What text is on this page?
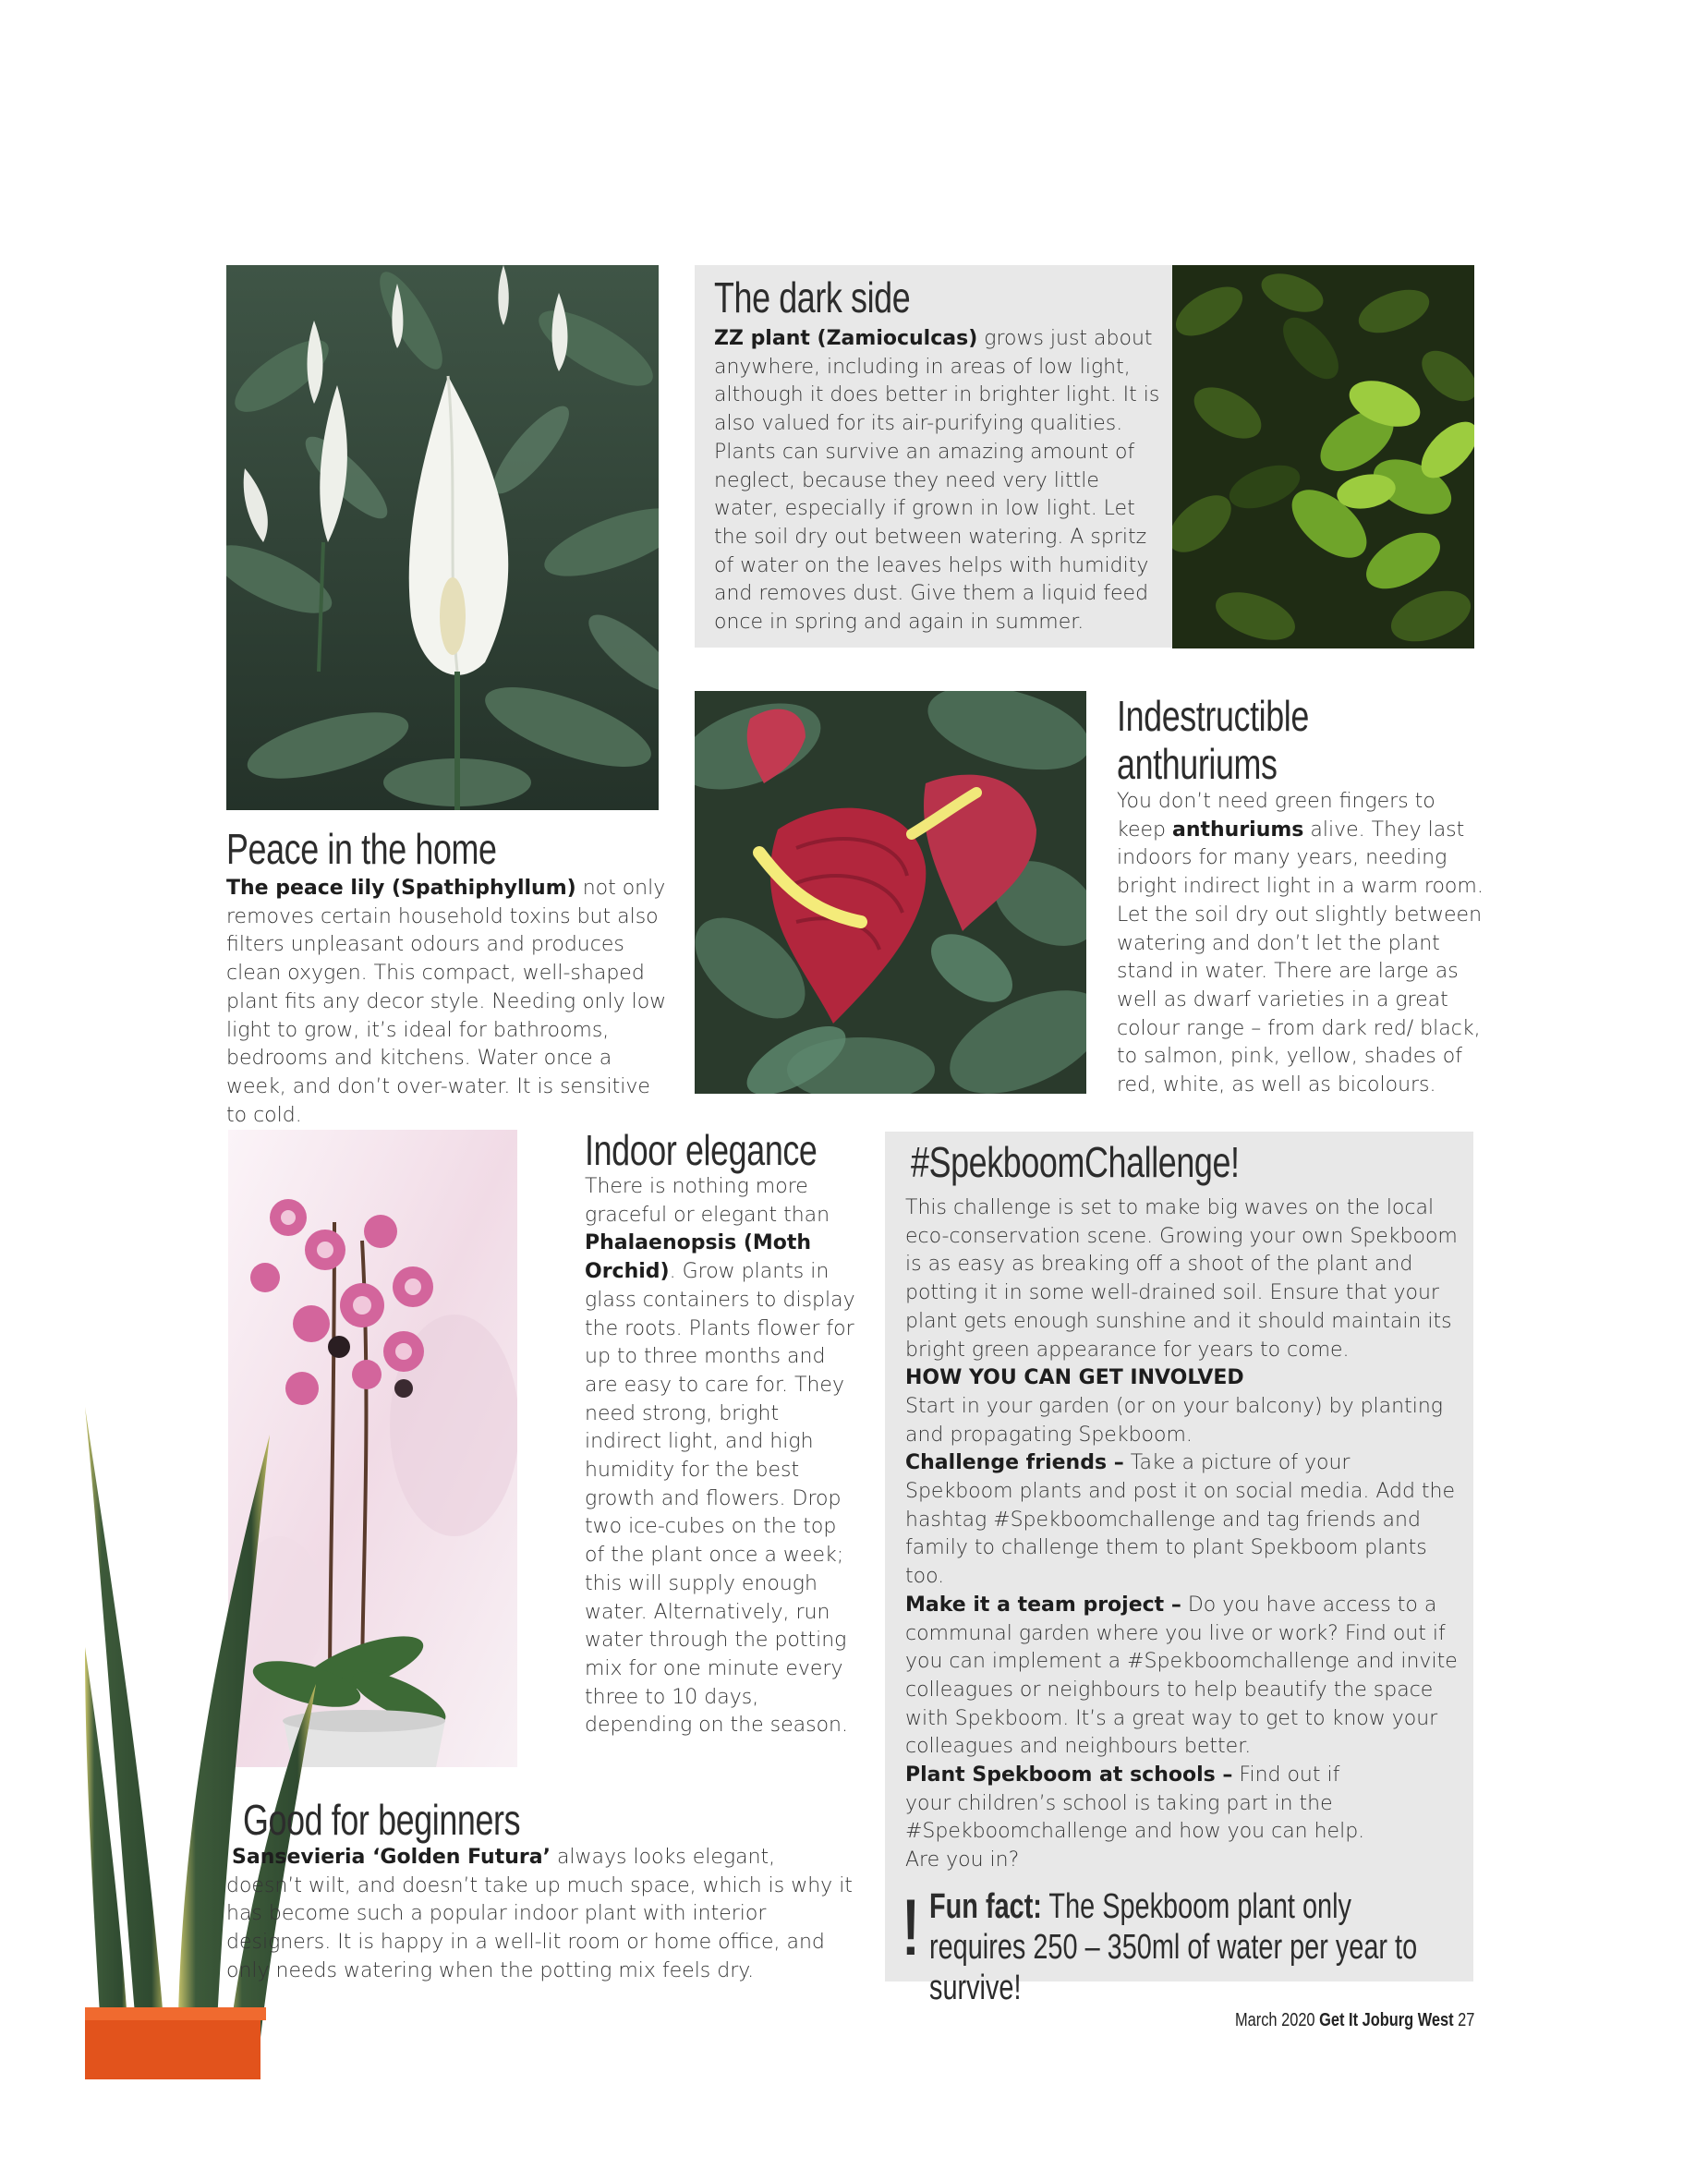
The dark side

ZZ plant (Zamioculcas) grows just about anywhere, including in areas of low light, although it does better in brighter light. It is also valued for its air-purifying qualities. Plants can survive an amazing amount of neglect, because they need very little water, especially if grown in low light. Let the soil dry out between watering. A spritz of water on the leaves helps with humidity and removes dust. Give them a liquid feed once in spring and again in summer.

Peace in the home

The peace lily (Spathiphyllum) not only removes certain household toxins but also filters unpleasant odours and produces clean oxygen. This compact, well-shaped plant fits any decor style. Needing only low light to grow, it’s ideal for bathrooms, bedrooms and kitchens. Water once a week, and don’t over-water. It is sensitive to cold.

Indestructible
anthuriums

You don’t need green fingers to keep anthuriums alive. They last indoors for many years, needing bright indirect light in a warm room. Let the soil dry out slightly between watering and don’t let the plant stand in water. There are large as well as dwarf varieties in a great colour range – from dark red/ black, to salmon, pink, yellow, shades of red, white, as well as bicolours.

Indoor elegance

There is nothing more graceful or elegant than Phalaenopsis (Moth Orchid). Grow plants in glass containers to display the roots. Plants flower for up to three months and are easy to care for. They need strong, bright indirect light, and high humidity for the best growth and flowers. Drop two ice-cubes on the top of the plant once a week; this will supply enough water. Alternatively, run water through the potting mix for one minute every three to 10 days, depending on the season.

#SpekboomChallenge!

This challenge is set to make big waves on the local eco-conservation scene. Growing your own Spekboom is as easy as breaking off a shoot of the plant and potting it in some well-drained soil. Ensure that your plant gets enough sunshine and it should maintain its bright green appearance for years to come.

HOW YOU CAN GET INVOLVED

Start in your garden (or on your balcony) by planting and propagating Spekboom.

Challenge friends – Take a picture of your Spekboom plants and post it on social media. Add the hashtag #Spekboomchallenge and tag friends and family to challenge them to plant Spekboom plants too.

Make it a team project – Do you have access to a communal garden where you live or work? Find out if you can implement a #Spekboomchallenge and invite colleagues or neighbours to help beautify the space with Spekboom. It’s a great way to get to know your colleagues and neighbours better.

Plant Spekboom at schools – Find out if your children’s school is taking part in the #Spekboomchallenge and how you can help. Are you in?

! Fun fact: The Spekboom plant only requires 250 – 350ml of water per year to survive!
Good for beginners

Sansevieria ‘Golden Futura’ always looks elegant, doesn’t wilt, and doesn’t take up much space, which is why it has become such a popular indoor plant with interior designers. It is happy in a well-lit room or home office, and only needs watering when the potting mix feels dry.

March 2020 Get It Joburg West 27
